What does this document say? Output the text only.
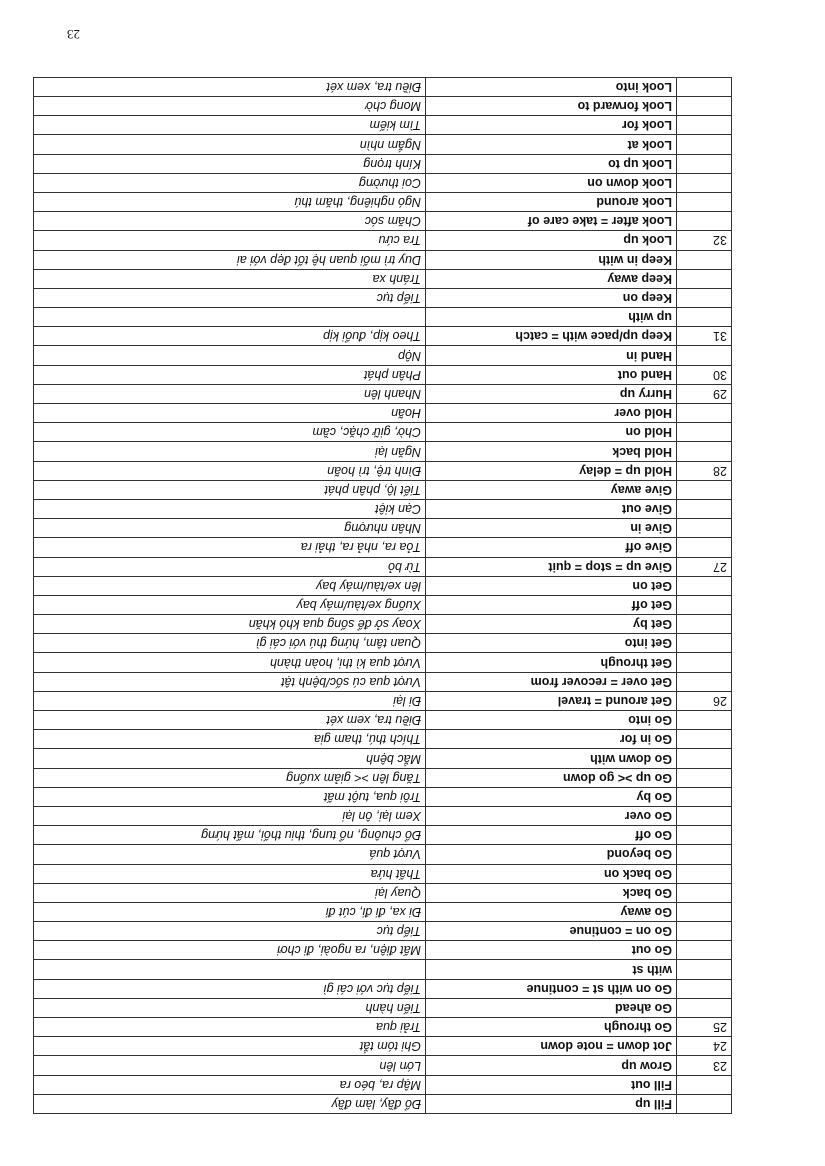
	Fill up	Đổ đầy, làm đầy
	Fill out	Mập ra, béo ra
23	Grow up	Lớn lên
24	Jot down = note down	Ghi tóm tắt
25	Go through	Trải qua
	Go ahead	Tiến hành
	Go on with st = continue	Tiếp tục với cái gì
	with st	
	Go out	Mất điện, ra ngoài, đi chơi
	Go on = continue	Tiếp tục
	Go away	Đi xa, đi đi, cút đi
	Go back	Quay lại
	Go back on	Thất hứa
	Go beyond	Vượt quá
	Go off	Đổ chuông, nổ tung, thiu thối, mất hứng
	Go over	Xem lại, ôn lại
	Go by	Trôi qua, tuột mất
	Go up >< go down	Tăng lên >< giảm xuống
	Go down with	Mắc bệnh
	Go in for	Thích thú, tham gia
	Go into	Điều tra, xem xét
26	Get around = travel	Đi lại
	Get over = recover from	Vượt qua cú sốc/bệnh tật
	Get through	Vượt qua kì thi, hoàn thành
	Get into	Quan tâm, hứng thú với cái gì
	Get by	Xoay sở để sống qua khó khăn
	Get off	Xuống xe/tàu/máy bay
	Get on	lên xe/tàu/máy bay
27	Give up = stop = quit	Từ bỏ
	Give off	Tỏa ra, nhả ra, thải ra
	Give in	Nhân nhượng
	Give out	Cạn kiệt
	Give away	Tiết lộ, phân phát
28	Hold up = delay	Đình trệ, trì hoãn
	Hold back	Ngăn lại
	Hold on	Chờ, giữ chặc, cầm
	Hold over	Hoãn
29	Hurry up	Nhanh lên
30	Hand out	Phân phát
	Hand in	Nộp
31	Keep up/pace with = catch	Theo kịp, đuổi kịp
	up with	
	Keep on	Tiếp tục
	Keep away	Tránh xa
	Keep in with	Duy trì mối quan hệ tốt đẹp với ai
32	Look up	Tra cứu
	Look after = take care of	Chăm sóc
	Look around	Ngó nghiêng, thăm thú
	Look down on	Coi thường
	Look up to	Kính trọng
	Look at	Ngắm nhìn
	Look for	Tìm kiếm
	Look forward to	Mong chờ
	Look into	Điều tra, xem xét
23
